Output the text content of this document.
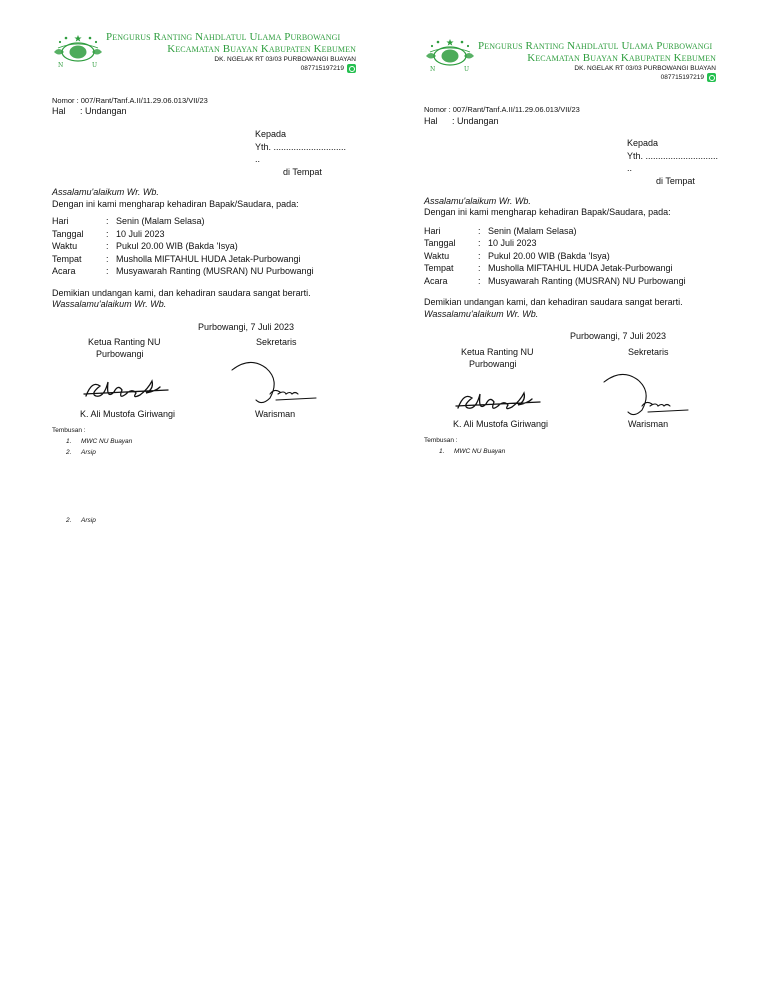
N	U
Pengurus Ranting Nahdlatul Ulama Purbowangi
Kecamatan Buayan Kabupaten Kebumen
DK. NGELAK RT 03/03 PURBOWANGI BUAYAN
087715197219
Nomor : 007/Rant/Tanf.A.II/11.29.06.013/VII/23
Hal : Undangan
Kepada
Yth. .............................
..
di Tempat
Assalamu'alaikum Wr. Wb.
Dengan ini kami mengharap kehadiran Bapak/Saudara, pada:
Hari	: Senin (Malam Selasa)
Tanggal : 10 Juli 2023
Waktu	: Pukul 20.00 WIB (Bakda 'Isya)
Tempat	: Musholla MIFTAHUL HUDA Jetak-Purbowangi
Acara	: Musyawarah Ranting (MUSRAN) NU Purbowangi
Demikian undangan kami, dan kehadiran saudara sangat berarti.
Wassalamu'alaikum Wr. Wb.
Purbowangi, 7 Juli 2023
Ketua Ranting NU
Purbowangi
Sekretaris
K. Ali Mustofa Giriwangi	Warisman
Tembusan :
1. MWC NU Buayan
2. Arsip
2. Arsip
N	U
Pengurus Ranting Nahdlatul Ulama Purbowangi
Kecamatan Buayan Kabupaten Kebumen
DK. NGELAK RT 03/03 PURBOWANGI BUAYAN
087715197219
Nomor : 007/Rant/Tanf.A.II/11.29.06.013/VII/23
Hal : Undangan
Kepada
Yth. .............................
..
di Tempat
Assalamu'alaikum Wr. Wb.
Dengan ini kami mengharap kehadiran Bapak/Saudara, pada:
Hari	: Senin (Malam Selasa)
Tanggal : 10 Juli 2023
Waktu	: Pukul 20.00 WIB (Bakda 'Isya)
Tempat	: Musholla MIFTAHUL HUDA Jetak-Purbowangi
Acara	: Musyawarah Ranting (MUSRAN) NU Purbowangi
Demikian undangan kami, dan kehadiran saudara sangat berarti.
Wassalamu'alaikum Wr. Wb.
Purbowangi, 7 Juli 2023
Ketua Ranting NU
Purbowangi
Sekretaris
K. Ali Mustofa Giriwangi	Warisman
Tembusan :
1. MWC NU Buayan
